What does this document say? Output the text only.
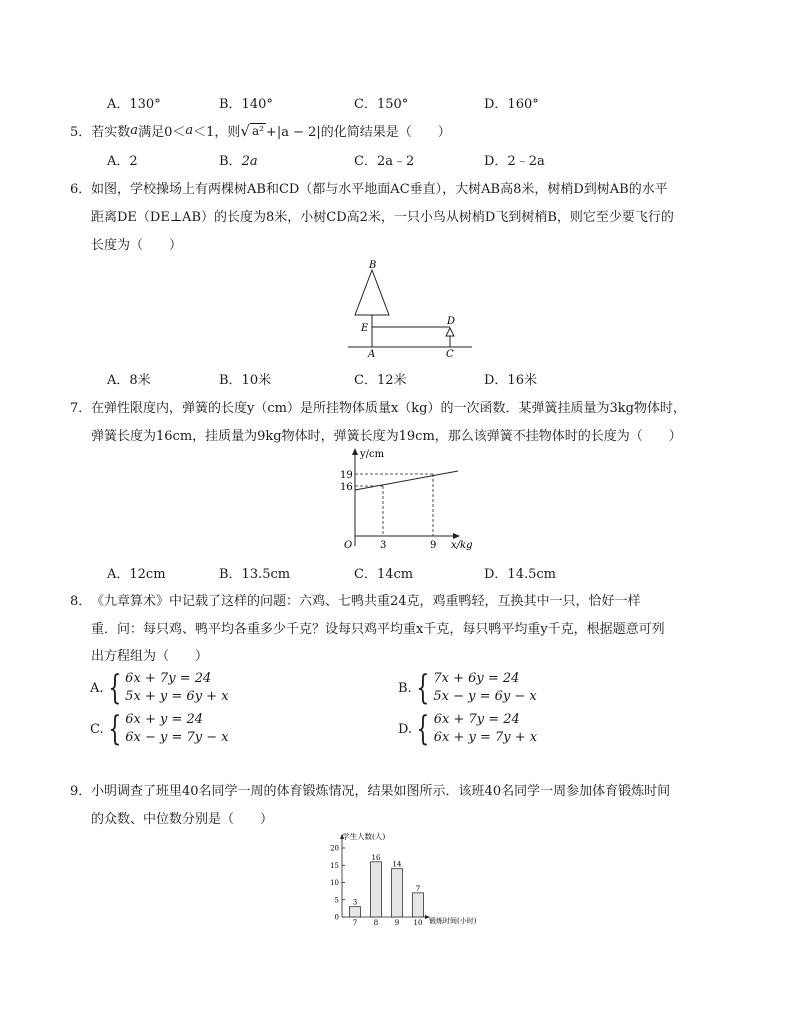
A．130°	B．140°	C．150°	D．160°
5． 若实数 a 满足0＜ a ＜1，则 √ a² +|a − 2|的化简结果是（　　）
A．2	B．2a	C．2a﹣2	D．2﹣2a
6． 如图，学校操场上有两棵树AB和CD（都与水平地面AC垂直），大树AB高8米，树梢D到树AB的水平
距离DE（DE⊥AB）的长度为8米，小树CD高2米，一只小鸟从树梢D飞到树梢B，则它至少要飞行的
长度为（　　）
B
E
A
D
C
A．8米	B．10米	C．12米	D．16米
7． 在弹性限度内，弹簧的长度y（cm）是所挂物体质量x（kg）的一次函数．某弹簧挂质量为3kg物体时，
弹簧长度为16cm，挂质量为9kg物体时，弹簧长度为19cm，那么该弹簧不挂物体时的长度为（　　）
y/cm
19
16
O	3	9 x/kg
A．12cm	B．13.5cm	C．14cm	D．14.5cm
8． 《九章算术》中记载了这样的问题：六鸡、七鸭共重24克，鸡重鸭轻，互换其中一只，恰好一样
重．问：每只鸡、鸭平均各重多少千克？设每只鸡平均重x千克，每只鸭平均重y千克，根据题意可列
出方程组为（　　）
A. { 6x + 7y = 24
5x + y = 6y + x
B. { 7x + 6y = 24
5x − y = 6y − x
C. { 6x + y = 24
6x − y = 7y − x
D. { 6x + 7y = 24
6x + y = 7y + x
9． 小明调查了班里40名同学一周的体育锻炼情况，结果如图所示．该班40名同学一周参加体育锻炼时间
的众数、中位数分别是（　　）
学生人数(人)
锻炼时间(小时)
0
5
10
15
20
3
7
16
8
14
9
7
10
